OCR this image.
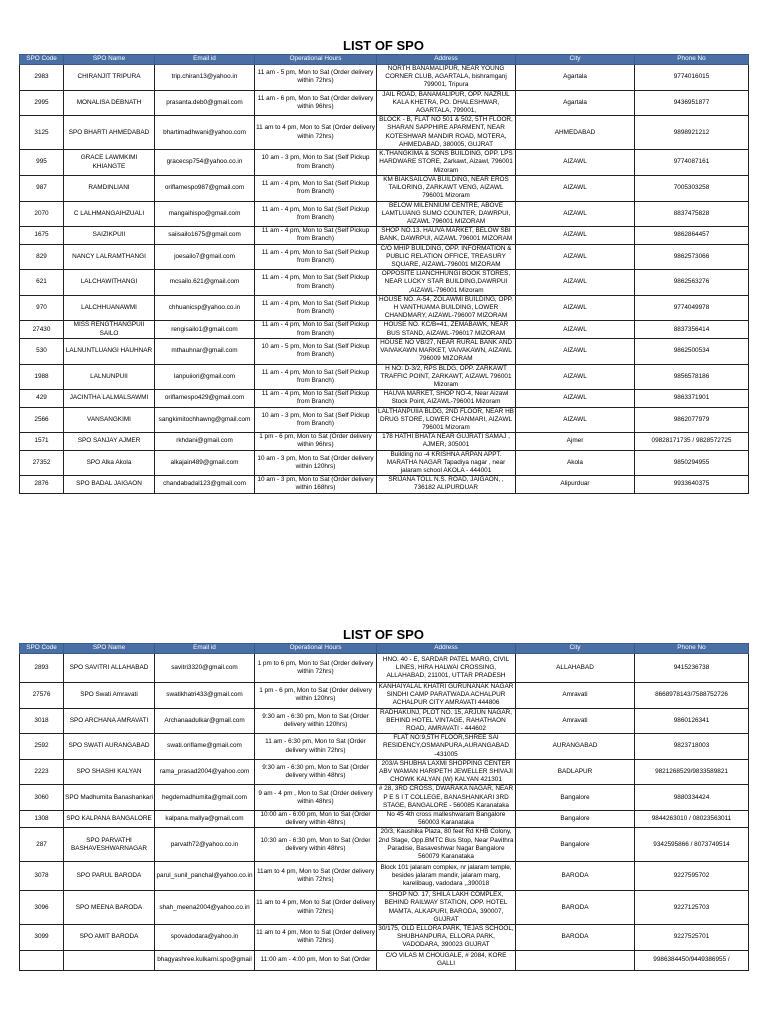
LIST OF SPO
SPO Code	SPO Name	Email id	Operational Hours	Address	City	Phone No
2983	CHIRANJIT TRIPURA	trip.chiran13@yahoo.in	11 am - 5 pm, Mon to Sat (Order delivery within 72hrs)	NORTH BANAMALIPUR, NEAR YOUNG CORNER CLUB, AGARTALA, bishramganj 799001, Tripura	Agartala	9774016015
2995	MONALISA DEBNATH	prasanta.deb0@gmail.com	11 am - 6 pm, Mon to Sat (Order delivery within 96hrs)	JAIL ROAD, BANAMALIPUR, OPP. NAZRUL KALA KHETRA, PO. DHALESHWAR, AGARTALA, 799001,	Agartala	9436951877
3125	SPO BHARTI AHMEDABAD	bhartimadhwani@yahoo.com	11 am to 4 pm, Mon to Sat (Order delivery within 72hrs)	BLOCK - B, FLAT NO 501 & 502, 5TH FLOOR, SHARAN SAPPHIRE APARMENT, NEAR KOTESHWAR MANDIR ROAD, MOTERA, AHMEDABAD, 380005, GUJRAT	AHMEDABAD	9898921212
995	GRACE LAWMKIMI KHIANGTE	gracecsp754@yahoo.co.in	10 am - 3 pm, Mon to Sat (Self Pickup from Branch)	K.THANGKIMA & SONS BUILDING, OPP. LPS HARDWARE STORE, Zarkawt, Aizawl, 796001 Mizoram	AIZAWL	9774087161
987	RAMDINLIANI	oriflamespo987@gmail.com	11 am - 4 pm, Mon to Sat (Self Pickup from Branch)	KM BIAKSAILOVA BUILDING, NEAR EROS TAILORING, ZARKAWT VENG, AIZAWL 796001 Mizoram	AIZAWL	7005303258
2070	C LALHMANGAIHZUALI	mangaihispo@gmail.com	11 am - 4 pm, Mon to Sat (Self Pickup from Branch)	BELOW MILENNIUM CENTRE, ABOVE LAMTLUANG SUMO COUNTER, DAWRPUI, AIZAWL 796001 MIZORAM	AIZAWL	8837475828
1675	SAIZIKPUII	saiisailo1675@gmail.com	11 am - 4 pm, Mon to Sat (Self Pickup from Branch)	SHOP NO.13. HAUVA MARKET, BELOW SBI BANK, DAWRPUI, AIZAWL 796001 MIZORAM	AIZAWL	9862864457
829	NANCY LALRAMTHANGI	joesailo7@gmail.com	11 am - 4 pm, Mon to Sat (Self Pickup from Branch)	C/O MHIP BUILDING, OPP. INFORMATION & PUBLIC RELATION OFFICE, TREASURY SQUARE, AIZAWL-796001 MIZORAM	AIZAWL	9862573066
621	LALCHAWITHANGI	mcsailo.621@gmail.com	11 am - 4 pm, Mon to Sat (Self Pickup from Branch)	OPPOSITE LIANCHHUNGI BOOK STORES, NEAR LUCKY STAR BUILDING,DAWRPUI ,AIZAWL-796001 Mizoram	AIZAWL	9862563276
970	LALCHHUANAWMI	chhuanicsp@yahoo.co.in	11 am - 4 pm, Mon to Sat (Self Pickup from Branch)	HOUSE NO. A-54, ZOLAWMI BUILDING, OPP. H VANTHUAMA BUILDING, LOWER CHANDMARY, AIZAWL-796007 MIZORAM	AIZAWL	9774049978
27430	MISS RENGTHANGPUII SAILO	rengisailo1@gmail.com	11 am - 4 pm, Mon to Sat (Self Pickup from Branch)	HOUSE NO. KC/B=41, ZEMABAWK, NEAR BUS STAND, AIZAWL-796017 MIZORAM	AIZAWL	8837356414
530	LALNUNTLUANGI HAUHNAR	mthauhnar@gmail.com	10 am - 5 pm, Mon to Sat (Self Pickup from Branch)	HOUSE NO VB/27, NEAR RURAL BANK AND VAIVAKAWN MARKET, VAIVAKAWN, AIZAWL 796009 MIZORAM	AIZAWL	9862500534
1988	LALNUNPUII	lanpuiiori@gmail.com	11 am - 4 pm, Mon to Sat (Self Pickup from Branch)	H NO: D-3/2, RPS BLDG, OPP. ZARKAWT TRAFFIC POINT, ZARKAWT, AIZAWL 796001 Mizoram	AIZAWL	9856578186
429	JACINTHA LALMALSAWMI	oriflamespo429@gmail.com	11 am - 4 pm, Mon to Sat (Self Pickup from Branch)	HAUVA MARKET, SHOP NO-4, Near Aizawl Stock Point, AIZAWL-796001 Mizoram	AIZAWL	9863371901
2566	VANSANGKIMI	sangkimitochhawng@gmail.com	10 am - 3 pm, Mon to Sat (Self Pickup from Branch)	LALTHANPUIIA BLDG, 2ND FLOOR, NEAR HB DRUG STORE, LOWER CHANMARI, AIZAWL 796001 Mizoram	AIZAWL	9862077979
1571	SPO SANJAY AJMER	rkhdani@gmail.com	1 pm - 6 pm, Mon to Sat (Order delivery within 96hrs)	178 HATHI BHATA NEAR GUJRATI SAMAJ , AJMER, 305001	Ajmer	09828171735 / 9828572725
27352	SPO Alka Akola	alkajain489@gmail.com	10 am - 3 pm, Mon to Sat (Order delivery within 120hrs)	Building no -4 KRISHNA ARPAN APPT. MARATHA NAGAR Tapadiya nagar , near jalaram school AKOLA - 444001	Akola	9850294955
2876	SPO BADAL JAIGAON	chandabadal123@gmail.com	10 am - 3 pm, Mon to Sat (Order delivery within 168hrs)	SRIJANA TOLL N.S. ROAD, JAIGAON, , 736182 ALIPURDUAR	Alipurduar	9933640375
LIST OF SPO
SPO Code	SPO Name	Email id	Operational Hours	Address	City	Phone No
2893	SPO SAVITRI ALLAHABAD	savitri3320@gmail.com	1 pm to 6 pm, Mon to Sat (Order delivery within 72hrs)	HNO. 40 - E, SARDAR PATEL MARG, CIVIL LINES, HIRA HALWAI CROSSING, ALLAHABAD, 211001, UTTAR PRADESH	ALLAHABAD	9415236738
27576	SPO Swati Amravati	swatikhatri433@gmail.com	1 pm - 6 pm, Mon to Sat (Order delivery within 120hrs)	KANHAIYALAL KHATRI GURUNANAK NAGAR SINDHI CAMP PARATWADA ACHALPUR ACHALPUR CITY AMRAVATI 444806	Amravati	8668978143/7588752726
3018	SPO ARCHANA AMRAVATI	Archanaadulkar@gmail.com	9:30 am - 6:30 pm, Mon to Sat (Order delivery within 120hrs)	RADHAKUNJ, PLOT NO. 15, ARJUN NAGAR, BEHIND HOTEL VINTAGE, RAHATHAON ROAD, AMRAVATI - 444602	Amravati	9860126341
2592	SPO SWATI AURANGABAD	swati.oriflame@gmail.com	11 am - 6:30 pm, Mon to Sat (Order delivery within 72hrs)	FLAT NO:9,5TH FLOOR,SHREE SAI RESIDENCY,OSMANPURA,AURANGABAD -431005	AURANGABAD	9823718003
2223	SPO SHASHI KALYAN	rama_prasad2004@yahoo.com	9:30 am - 6:30 pm, Mon to Sat (Order delivery within 48hrs)	203/A SHUBHA LAXMI SHOPPING CENTER ABV WAMAN HARIPETH JEWELLER SHIVAJI CHOWK KALYAN (W) KALYAN 421301	BADLAPUR	9821268529/9833589821
3060	SPO Madhumita Banashankari	hegdemadhumita@gmail.com	9 am - 4 pm , Mon to Sat (Order delivery within 48hrs)	# 28, 3RD CROSS, DWARAKA NAGAR, NEAR P E S I T COLLEGE, BANASHANKARI 3RD STAGE, BANGALORE - 560085 Karanataka	Bangalore	9880334424
1308	SPO KALPANA BANGALORE	kalpana.mallya@gmail.com	10:00 am - 6:00 pm, Mon to Sat (Order delivery within 48hrs)	No 45 4th cross malleshwaram Bangalore 560003 Karanataka	Bangalore	9844263010 / 08023563011
287	SPO PARVATHI BASHAVESHWARNAGAR	parvath72@yahoo.co.in	10:30 am - 6:30 pm, Mon to Sat (Order delivery within 48hrs)	20/3, Kaushika Plaza, 80 feet Rd KHB Colony, 2nd Stage, Opp.BMTC Bus Stop, Near Pavithra Paradise, Basaveshwar Nagar Bangalore 560079 Karanataka	Bangalore	9342595866 / 8073749514
3078	SPO PARUL BARODA	parul_sunil_panchal@yahoo.co.in	11am to 4 pm, Mon to Sat (Order delivery within 72hrs)	Block 101 jalaram complex, nr jalaram temple, besides jalaram mandir, jalaram marg, karelibaug, vadodara ,,390018	BARODA	9227595702
3096	SPO MEENA BARODA	shah_meena2004@yahoo.co.in	11 am to 4 pm, Mon to Sat (Order delivery within 72hrs)	SHOP NO. 17, SHILA LAKH COMPLEX, BEHIND RAILWAY STATION, OPP. HOTEL MAMTA, ALKAPURI, BARODA, 390007, GUJRAT	BARODA	9227125703
3099	SPO AMIT BARODA	spovadodara@yahoo.in	11 am to 4 pm, Mon to Sat (Order delivery within 72hrs)	30/175, OLD ELLORA PARK, TEJAS SCHOOL, SHUBHANPURA, ELLORA PARK, VADODARA, 390023 GUJRAT	BARODA	9227525701
		bhagyashree.kulkarni.spo@gmail	11:00 am - 4:00 pm, Mon to Sat (Order	C/O VILAS M CHOUGALE, # 2084, KORE GALLI		9986384450/9449386955 /
